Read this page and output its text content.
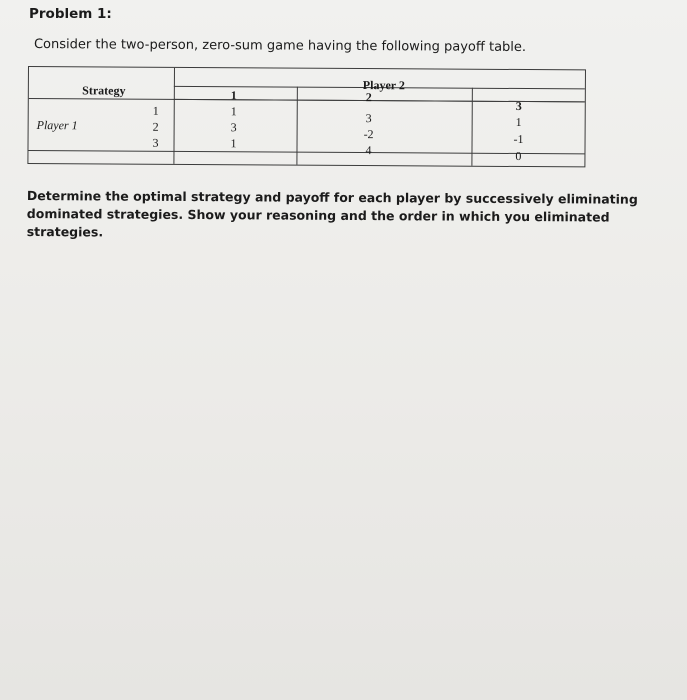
Problem 1:
Consider the two-person, zero-sum game having the following payoff table.
Strategy	Player 2
Player 1
1	2
3
1
2
3
1
3
1
3
-2
4
1
-1
0
Determine the optimal strategy and payoff for each player by successively eliminating dominated strategies. Show your reasoning and the order in which you eliminated strategies.
